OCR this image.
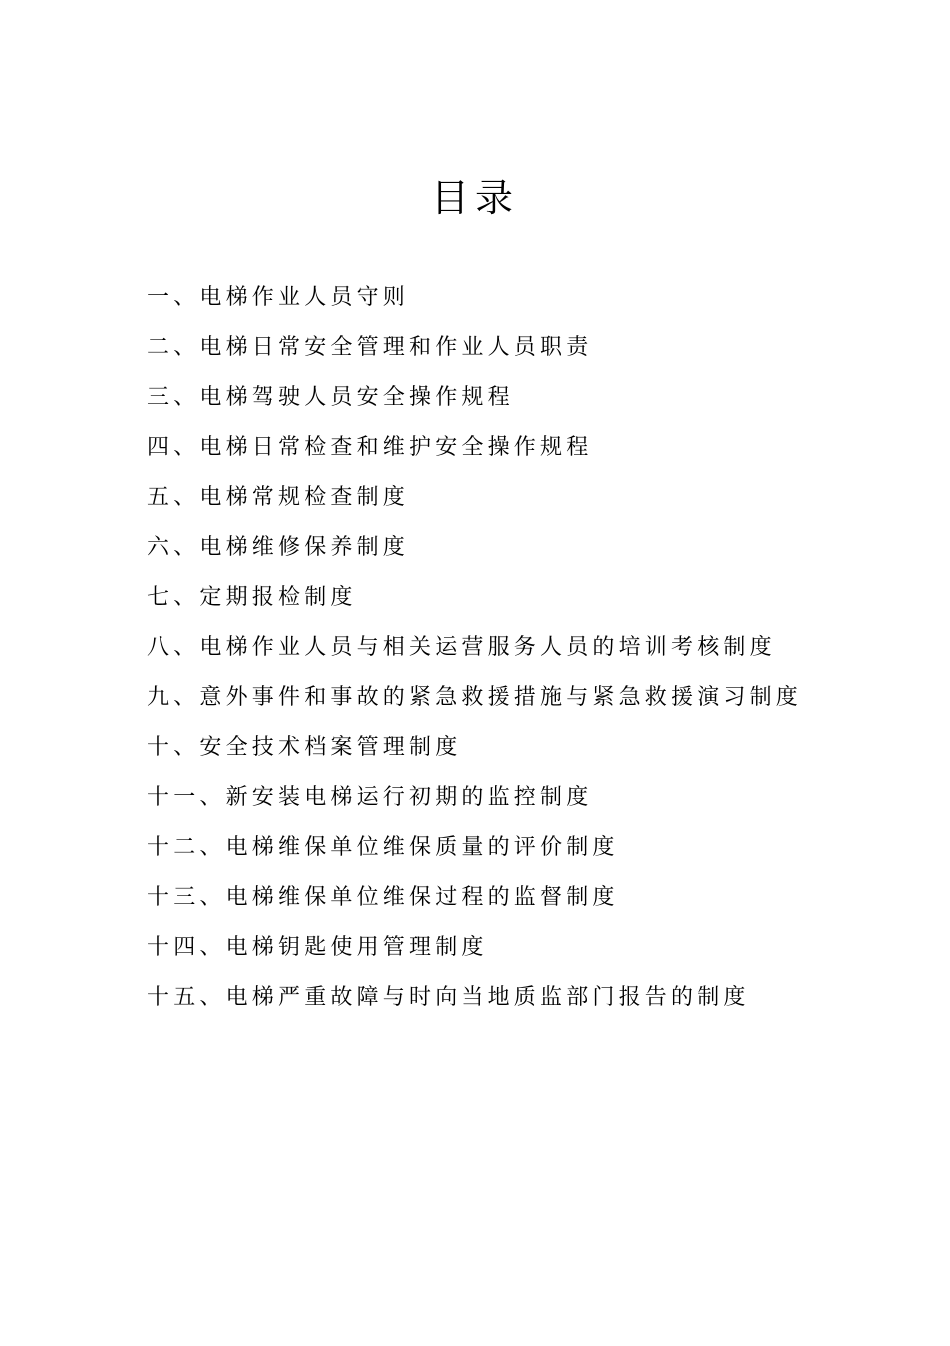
目录
一、电梯作业人员守则
二、电梯日常安全管理和作业人员职责
三、电梯驾驶人员安全操作规程
四、电梯日常检查和维护安全操作规程
五、电梯常规检查制度
六、电梯维修保养制度
七、定期报检制度
八、电梯作业人员与相关运营服务人员的培训考核制度
九、意外事件和事故的紧急救援措施与紧急救援演习制度
十、安全技术档案管理制度
十一、新安装电梯运行初期的监控制度
十二、电梯维保单位维保质量的评价制度
十三、电梯维保单位维保过程的监督制度
十四、电梯钥匙使用管理制度
十五、电梯严重故障与时向当地质监部门报告的制度
